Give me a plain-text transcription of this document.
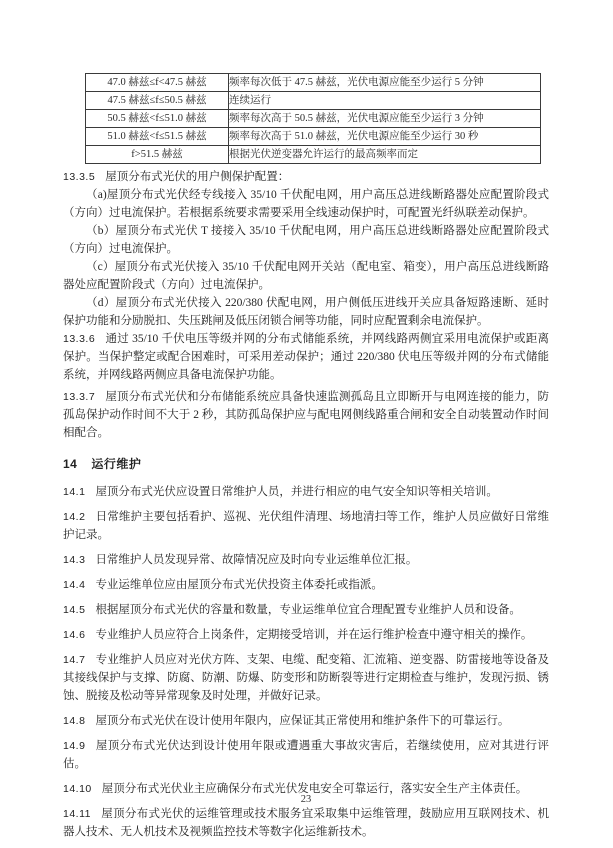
47.0 赫兹≤f<47.5 赫兹	频率每次低于 47.5 赫兹，光伏电源应能至少运行 5 分钟
47.5 赫兹≤f≤50.5 赫兹	连续运行
50.5 赫兹<f≤51.0 赫兹	频率每次高于 50.5 赫兹，光伏电源应能至少运行 3 分钟
51.0 赫兹<f≤51.5 赫兹	频率每次高于 51.0 赫兹，光伏电源应能至少运行 30 秒
f>51.5 赫兹	根据光伏逆变器允许运行的最高频率而定

13.3.5 屋顶分布式光伏的用户侧保护配置：

（a)屋顶分布式光伏经专线接入 35/10 千伏配电网，用户高压总进线断路器处应配置阶段式（方向）过电流保护。若根据系统要求需要采用全线速动保护时，可配置光纤纵联差动保护。

（b）屋顶分布式光伏 T 接接入 35/10 千伏配电网，用户高压总进线断路器处应配置阶段式（方向）过电流保护。

（c）屋顶分布式光伏接入 35/10 千伏配电网开关站（配电室、箱变），用户高压总进线断路器处应配置阶段式（方向）过电流保护。

（d）屋顶分布式光伏接入 220/380 伏配电网，用户侧低压进线开关应具备短路速断、延时保护功能和分励脱扣、失压跳闸及低压闭锁合闸等功能，同时应配置剩余电流保护。

13.3.6 通过 35/10 千伏电压等级并网的分布式储能系统，并网线路两侧宜采用电流保护或距离保护。当保护整定或配合困难时，可采用差动保护；通过 220/380 伏电压等级并网的分布式储能系统，并网线路两侧应具备电流保护功能。

13.3.7 屋顶分布式光伏和分布储能系统应具备快速监测孤岛且立即断开与电网连接的能力，防孤岛保护动作时间不大于 2 秒，其防孤岛保护应与配电网侧线路重合闸和安全自动装置动作时间相配合。

14 运行维护

14.1 屋顶分布式光伏应设置日常维护人员，并进行相应的电气安全知识等相关培训。

14.2 日常维护主要包括看护、巡视、光伏组件清理、场地清扫等工作，维护人员应做好日常维护记录。

14.3 日常维护人员发现异常、故障情况应及时向专业运维单位汇报。

14.4 专业运维单位应由屋顶分布式光伏投资主体委托或指派。

14.5 根据屋顶分布式光伏的容量和数量，专业运维单位宜合理配置专业维护人员和设备。

14.6 专业维护人员应符合上岗条件，定期接受培训，并在运行维护检查中遵守相关的操作。

14.7 专业维护人员应对光伏方阵、支架、电缆、配变箱、汇流箱、逆变器、防雷接地等设备及其接线保护与支撑、防腐、防潮、防爆、防变形和防断裂等进行定期检查与维护，发现污损、锈蚀、脱接及松动等异常现象及时处理，并做好记录。

14.8 屋顶分布式光伏在设计使用年限内，应保证其正常使用和维护条件下的可靠运行。

14.9 屋顶分布式光伏达到设计使用年限或遭遇重大事故灾害后，若继续使用，应对其进行评估。

14.10 屋顶分布式光伏业主应确保分布式光伏发电安全可靠运行，落实安全生产主体责任。

14.11 屋顶分布式光伏的运维管理或技术服务宜采取集中运维管理，鼓励应用互联网技术、机器人技术、无人机技术及视频监控技术等数字化运维新技术。

23
